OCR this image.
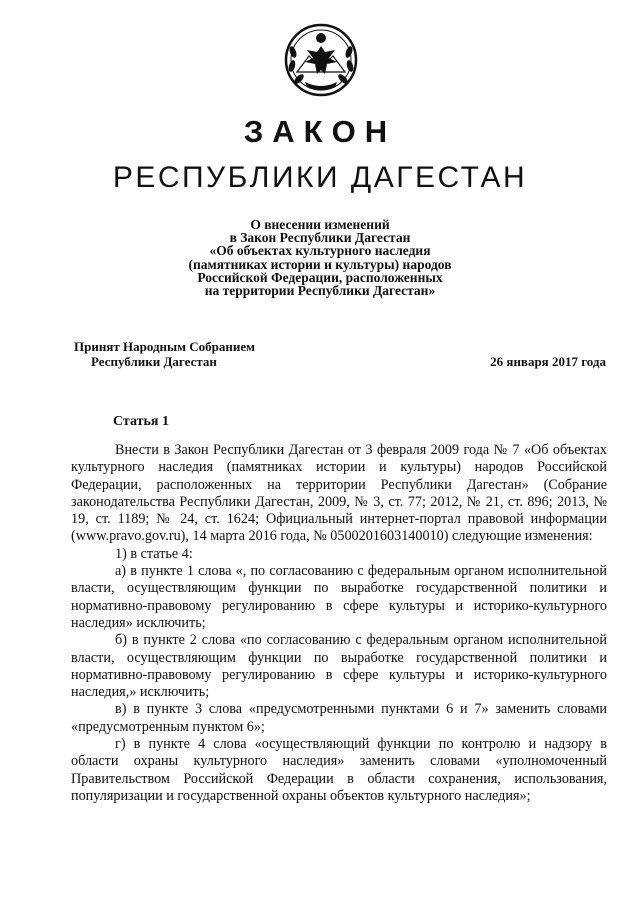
ЗАКОН
РЕСПУБЛИКИ ДАГЕСТАН
О внесении изменений
в Закон Республики Дагестан
«Об объектах культурного наследия
(памятниках истории и культуры) народов
Российской Федерации, расположенных
на территории Республики Дагестан»
Принят Народным Собранием
Республики Дагестан	26 января 2017 года
Статья 1

Внести в Закон Республики Дагестан от 3 февраля 2009 года № 7 «Об объектах культурного наследия (памятниках истории и культуры) народов Российской Федерации, расположенных на территории Республики Дагестан» (Собрание законодательства Республики Дагестан, 2009, № 3, ст. 77; 2012, № 21, ст. 896; 2013, № 19, ст. 1189; № 24, ст. 1624; Официальный интернет-портал правовой информации (www.pravo.gov.ru), 14 марта 2016 года, № 0500201603140010) следующие изменения:

1) в статье 4:

а) в пункте 1 слова «, по согласованию с федеральным органом исполнительной власти, осуществляющим функции по выработке государственной политики и нормативно-правовому регулированию в сфере культуры и историко-культурного наследия» исключить;

б) в пункте 2 слова «по согласованию с федеральным органом исполнительной власти, осуществляющим функции по выработке государственной политики и нормативно-правовому регулированию в сфере культуры и историко-культурного наследия,» исключить;

в) в пункте 3 слова «предусмотренными пунктами 6 и 7» заменить словами «предусмотренным пунктом 6»;

г) в пункте 4 слова «осуществляющий функции по контролю и надзору в области охраны культурного наследия» заменить словами «уполномоченный Правительством Российской Федерации в области сохранения, использования, популяризации и государственной охраны объектов культурного наследия»;
